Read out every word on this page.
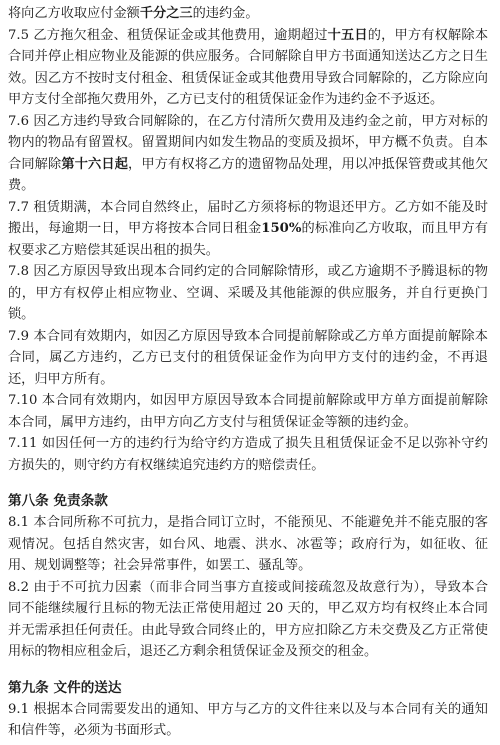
将向乙方收取应付金额千分之三的违约金。

7.5 乙方拖欠租金、租赁保证金或其他费用，逾期超过十五日的，甲方有权解除本合同并停止相应物业及能源的供应服务。合同解除自甲方书面通知送达乙方之日生效。因乙方不按时支付租金、租赁保证金或其他费用导致合同解除的，乙方除应向甲方支付全部拖欠费用外，乙方已支付的租赁保证金作为违约金不予返还。

7.6 因乙方违约导致合同解除的，在乙方付清所欠费用及违约金之前，甲方对标的物内的物品有留置权。留置期间内如发生物品的变质及损坏，甲方概不负责。自本合同解除第十六日起，甲方有权将乙方的遗留物品处理，用以冲抵保管费或其他欠费。

7.7 租赁期满，本合同自然终止，届时乙方须将标的物退还甲方。乙方如不能及时搬出，每逾期一日，甲方将按本合同日租金150%的标准向乙方收取，而且甲方有权要求乙方赔偿其延误出租的损失。

7.8 因乙方原因导致出现本合同约定的合同解除情形，或乙方逾期不予腾退标的物的，甲方有权停止相应物业、空调、采暖及其他能源的供应服务，并自行更换门锁。

7.9 本合同有效期内，如因乙方原因导致本合同提前解除或乙方单方面提前解除本合同，属乙方违约，乙方已支付的租赁保证金作为向甲方支付的违约金，不再退还，归甲方所有。

7.10 本合同有效期内，如因甲方原因导致本合同提前解除或甲方单方面提前解除本合同，属甲方违约，由甲方向乙方支付与租赁保证金等额的违约金。

7.11 如因任何一方的违约行为给守约方造成了损失且租赁保证金不足以弥补守约方损失的，则守约方有权继续追究违约方的赔偿责任。

第八条 免责条款

8.1 本合同所称不可抗力，是指合同订立时，不能预见、不能避免并不能克服的客观情况。包括自然灾害，如台风、地震、洪水、冰雹等；政府行为，如征收、征用、规划调整等；社会异常事件，如罢工、骚乱等。

8.2 由于不可抗力因素（而非合同当事方直接或间接疏忽及故意行为），导致本合同不能继续履行且标的物无法正常使用超过 20 天的，甲乙双方均有权终止本合同并无需承担任何责任。由此导致合同终止的，甲方应扣除乙方未交费及乙方正常使用标的物相应租金后，退还乙方剩余租赁保证金及预交的租金。

第九条 文件的送达

9.1 根据本合同需要发出的通知、甲方与乙方的文件往来以及与本合同有关的通知和信件等，必须为书面形式。
